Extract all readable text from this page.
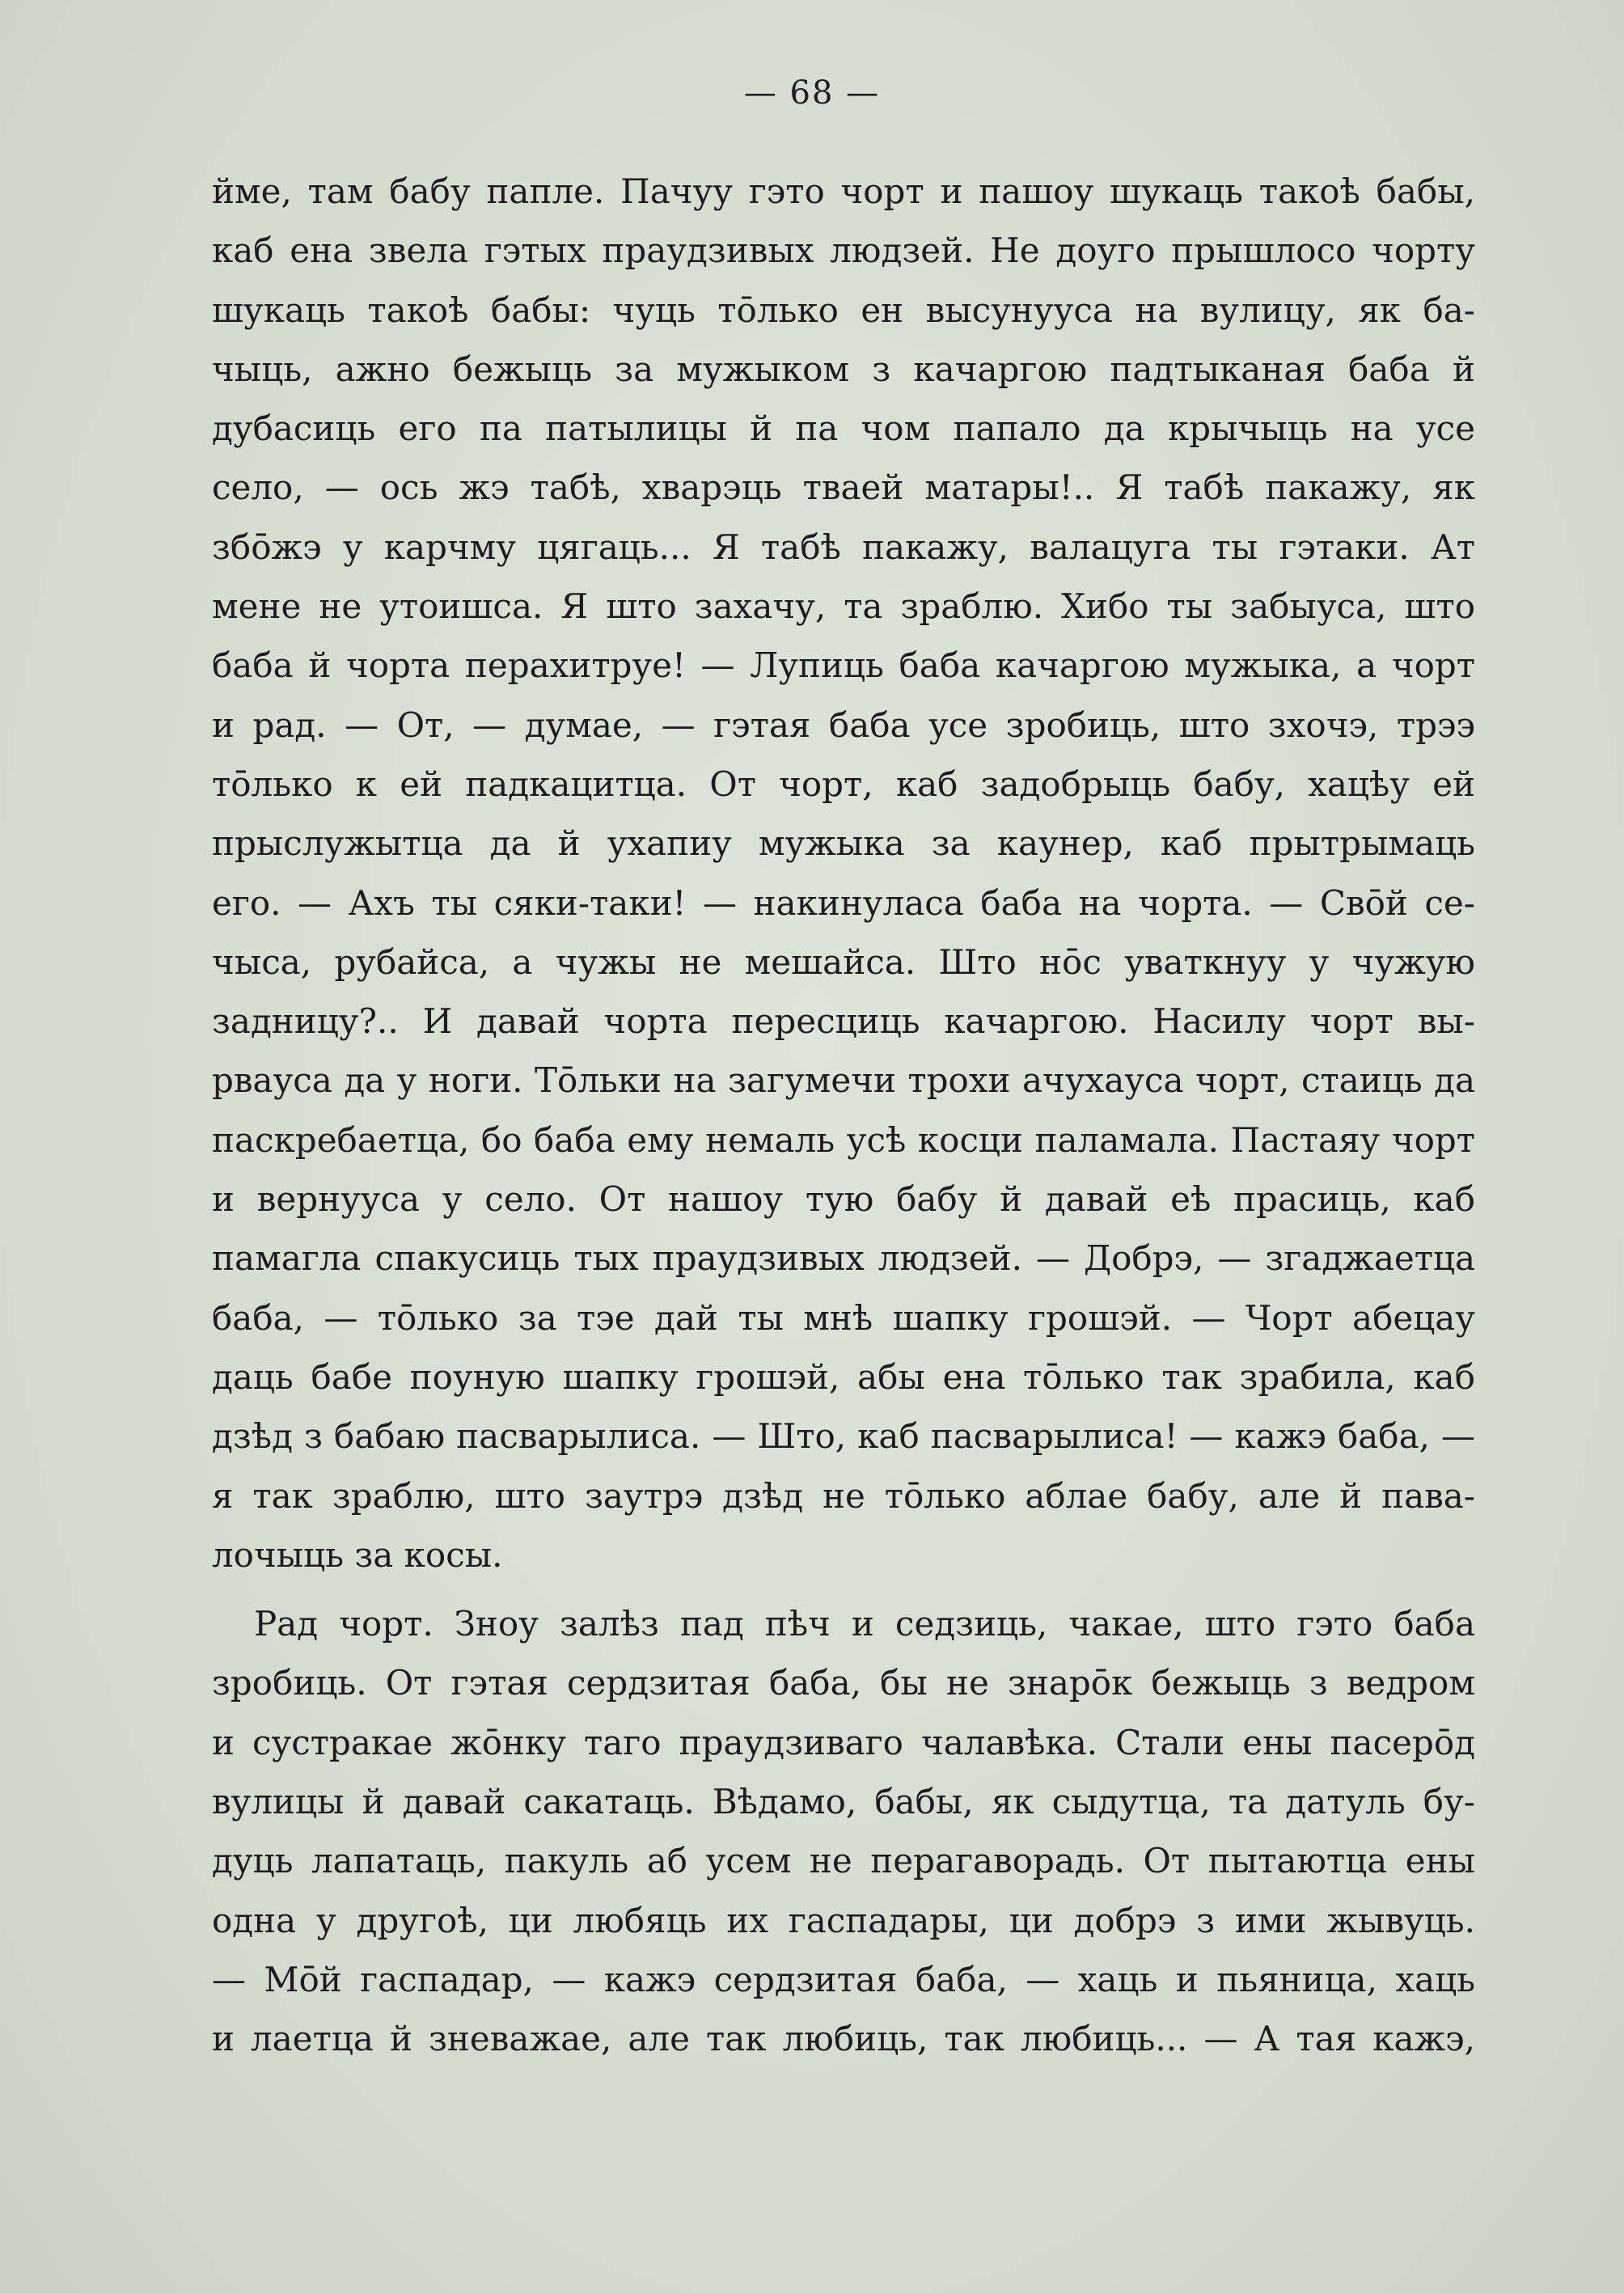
— 68 —
йме, там бабу папле. Пачуу гэто чорт и пашоу шукаць такоѣ бабы,
каб ена звела гэтых праудзивых людзей. Не доуго прышлосо чорту
шукаць такоѣ бабы: чуць тōлько ен высунууса на вулицу, як ба-
чыць, ажно бежыць за мужыком з качаргою падтыканая баба й
дубасиць его па патылицы й па чом папало да крычыць на усе
село, — ось жэ табѣ, хварэць тваей матары!.. Я табѣ пакажу, як
збōжэ у карчму цягаць... Я табѣ пакажу, валацуга ты гэтаки. Ат
мене не утоишса. Я што захачу, та зраблю. Хибо ты забыуса, што
баба й чорта перахитруе! — Лупиць баба качаргою мужыка, а чорт
и рад. — От, — думае, — гэтая баба усе зробиць, што зхочэ, трээ
тōлько к ей падкацитца. От чорт, каб задобрыць бабу, хацѣу ей
прыслужытца да й ухапиу мужыка за каунер, каб прытрымаць
его. — Ахъ ты сяки-таки! — накинуласа баба на чорта. — Свōй се-
чыса, рубайса, а чужы не мешайса. Што нōс уваткнуу у чужую
задницу?.. И давай чорта пересциць качаргою. Насилу чорт вы-
рвауса да у ноги. Тōльки на загумечи трохи ачухауса чорт, стаиць да
паскребаетца, бо баба ему немаль усѣ косци паламала. Пастаяу чорт
и вернууса у село. От нашоу тую бабу й давай еѣ прасиць, каб
памагла спакусиць тых праудзивых людзей. — Добрэ, — згаджаетца
баба, — тōлько за тэе дай ты мнѣ шапку грошэй. — Чорт абецау
даць бабе поуную шапку грошэй, абы ена тōлько так зрабила, каб
дзѣд з бабаю пасварылиса. — Што, каб пасварылиса! — кажэ баба, —
я так зраблю, што заутрэ дзѣд не тōлько аблае бабу, але й пава-
лочыць за косы.
Рад чорт. Зноу залѣз пад пѣч и седзиць, чакае, што гэто баба
зробиць. От гэтая сердзитая баба, бы не знарōк бежыць з ведром
и сустракае жōнку таго праудзиваго чалавѣка. Стали ены пасерōд
вулицы й давай сакатаць. Вѣдамо, бабы, як сыдутца, та датуль бу-
дуць лапатаць, пакуль аб усем не перагаворадь. От пытаютца ены
одна у другоѣ, ци любяць их гаспадары, ци добрэ з ими жывуць.
— Мōй гаспадар, — кажэ сердзитая баба, — хаць и пьяница, хаць
и лаетца й зневажае, але так любиць, так любиць... — А тая кажэ,
